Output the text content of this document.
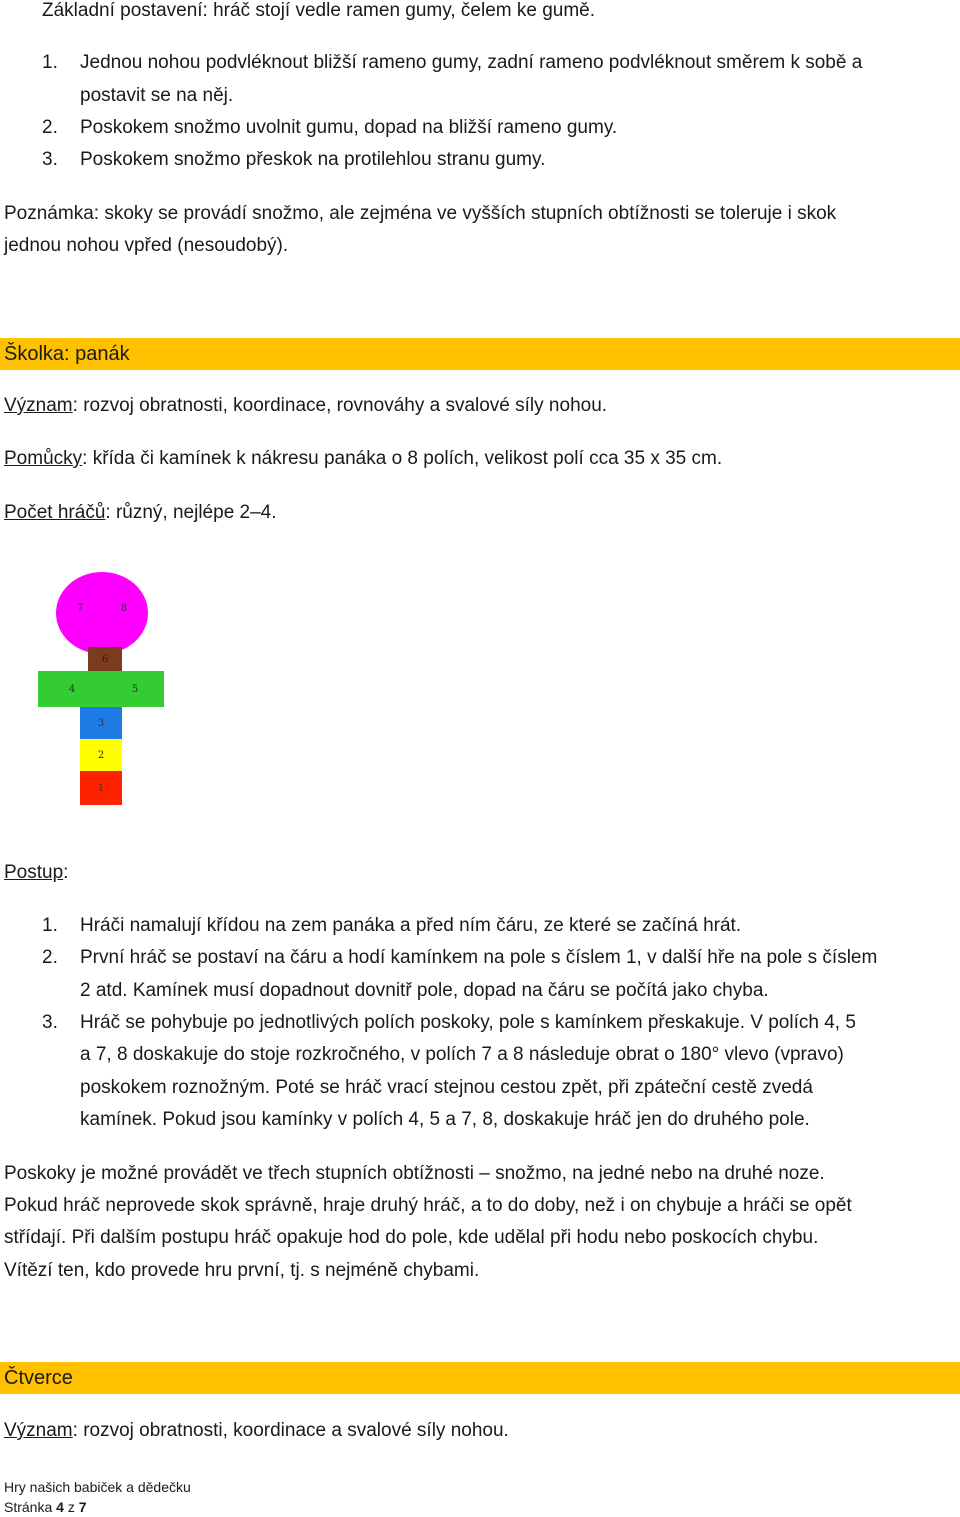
Základní postavení: hráč stojí vedle ramen gumy, čelem ke gumě.
1. Jednou nohou podvléknout bližší rameno gumy, zadní rameno podvléknout směrem k sobě a
postavit se na něj.
2. Poskokem snožmo uvolnit gumu, dopad na bližší rameno gumy.
3. Poskokem snožmo přeskok na protilehlou stranu gumy.
Poznámka: skoky se provádí snožmo, ale zejména ve vyšších stupních obtížnosti se toleruje i skok
jednou nohou vpřed (nesoudobý).
Školka: panák
Význam: rozvoj obratnosti, koordinace, rovnováhy a svalové síly nohou.
Pomůcky: křída či kamínek k nákresu panáka o 8 polích, velikost polí cca 35 x 35 cm.
Počet hráčů: různý, nejlépe 2–4.
7	8
6
4	5
3
2
1
Postup:
1. Hráči namalují křídou na zem panáka a před ním čáru, ze které se začíná hrát.
2. První hráč se postaví na čáru a hodí kamínkem na pole s číslem 1, v další hře na pole s číslem
2 atd. Kamínek musí dopadnout dovnitř pole, dopad na čáru se počítá jako chyba.
3. Hráč se pohybuje po jednotlivých polích poskoky, pole s kamínkem přeskakuje. V polích 4, 5
a 7, 8 doskakuje do stoje rozkročného, v polích 7 a 8 následuje obrat o 180° vlevo (vpravo)
poskokem roznožným. Poté se hráč vrací stejnou cestou zpět, při zpáteční cestě zvedá
kamínek. Pokud jsou kamínky v polích 4, 5 a 7, 8, doskakuje hráč jen do druhého pole.
Poskoky je možné provádět ve třech stupních obtížnosti – snožmo, na jedné nebo na druhé noze.
Pokud hráč neprovede skok správně, hraje druhý hráč, a to do doby, než i on chybuje a hráči se opět
střídají. Při dalším postupu hráč opakuje hod do pole, kde udělal při hodu nebo poskocích chybu.
Vítězí ten, kdo provede hru první, tj. s nejméně chybami.
Čtverce
Význam: rozvoj obratnosti, koordinace a svalové síly nohou.
Hry našich babiček a dědečku
Stránka 4 z 7
